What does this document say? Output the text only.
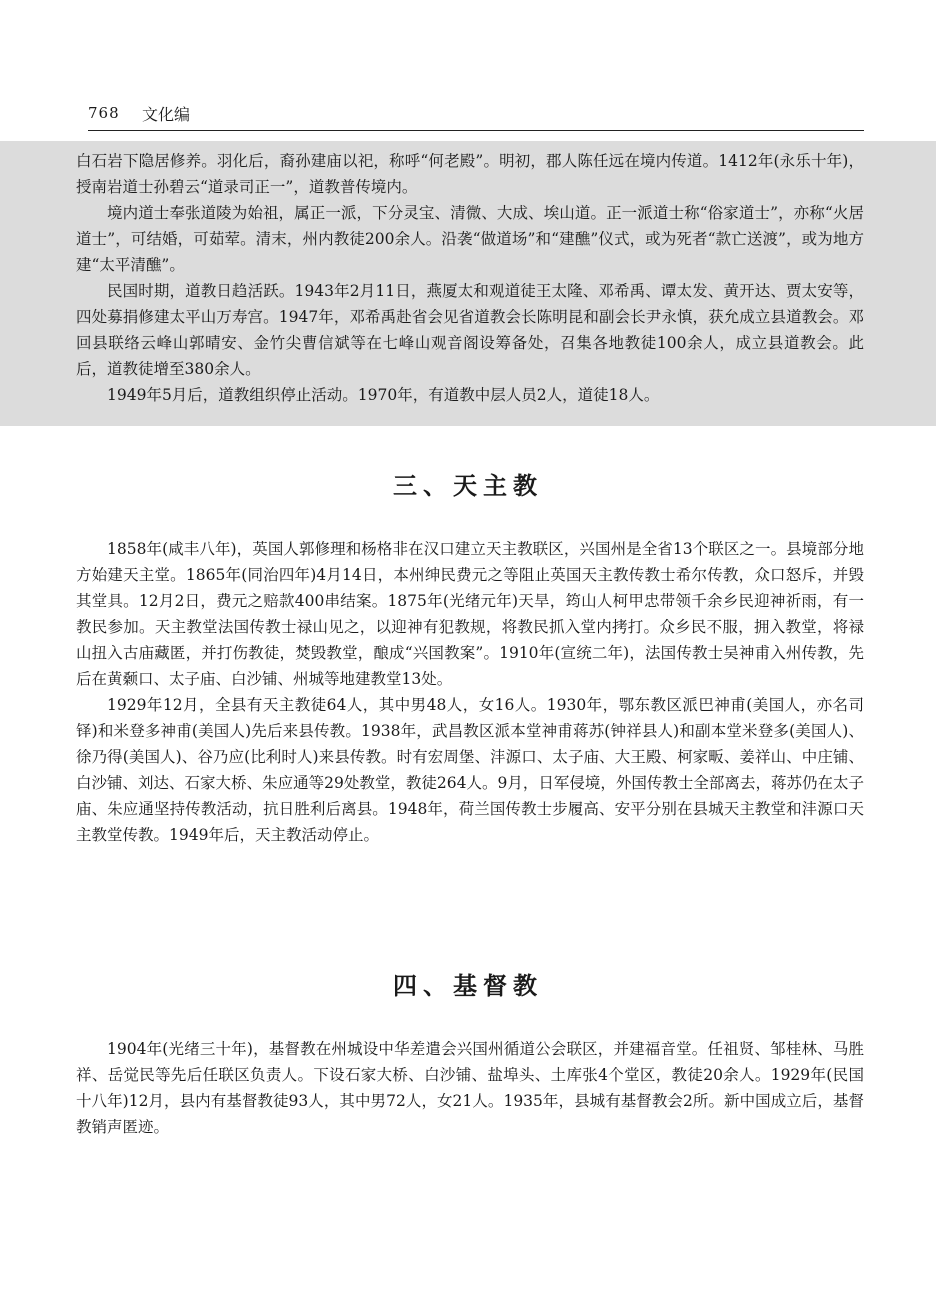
768 文化编

白石岩下隐居修养。羽化后，裔孙建庙以祀，称呼“何老殿”。明初，郡人陈任远在境内传道。1412年(永乐十年)，授南岩道士孙碧云“道录司正一”，道教普传境内。

境内道士奉张道陵为始祖，属正一派，下分灵宝、清微、大成、埃山道。正一派道士称“俗家道士”，亦称“火居道士”，可结婚，可茹荤。清末，州内教徒200余人。沿袭“做道场”和“建醮”仪式，或为死者“款亡送渡”，或为地方建“太平清醮”。

民国时期，道教日趋活跃。1943年2月11日，燕厦太和观道徒王太隆、邓希禹、谭太发、黄开达、贾太安等，四处募捐修建太平山万寿宫。1947年，邓希禹赴省会见省道教会长陈明昆和副会长尹永慎，获允成立县道教会。邓回县联络云峰山郭晴安、金竹尖曹信斌等在七峰山观音阁设筹备处，召集各地教徒100余人，成立县道教会。此后，道教徒增至380余人。

1949年5月后，道教组织停止活动。1970年，有道教中层人员2人，道徒18人。

三、天主教

1858年(咸丰八年)，英国人郭修理和杨格非在汉口建立天主教联区，兴国州是全省13个联区之一。县境部分地方始建天主堂。1865年(同治四年)4月14日，本州绅民费元之等阻止英国天主教传教士希尔传教，众口怒斥，并毁其堂具。12月2日，费元之赔款400串结案。1875年(光绪元年)天旱，筠山人柯甲忠带领千余乡民迎神祈雨，有一教民参加。天主教堂法国传教士禄山见之，以迎神有犯教规，将教民抓入堂内拷打。众乡民不服，拥入教堂，将禄山扭入古庙藏匿，并打伤教徒，焚毁教堂，酿成“兴国教案”。1910年(宣统二年)，法国传教士吴神甫入州传教，先后在黄颡口、太子庙、白沙铺、州城等地建教堂13处。

1929年12月，全县有天主教徒64人，其中男48人，女16人。1930年，鄂东教区派巴神甫(美国人，亦名司铎)和米登多神甫(美国人)先后来县传教。1938年，武昌教区派本堂神甫蒋苏(钟祥县人)和副本堂米登多(美国人)、徐乃得(美国人)、谷乃应(比利时人)来县传教。时有宏周堡、沣源口、太子庙、大王殿、柯家畈、姜祥山、中庄铺、白沙铺、刘达、石家大桥、朱应通等29处教堂，教徒264人。9月，日军侵境，外国传教士全部离去，蒋苏仍在太子庙、朱应通坚持传教活动，抗日胜利后离县。1948年，荷兰国传教士步履高、安平分别在县城天主教堂和沣源口天主教堂传教。1949年后，天主教活动停止。

四、基督教

1904年(光绪三十年)，基督教在州城设中华差遣会兴国州循道公会联区，并建福音堂。任祖贤、邹桂林、马胜祥、岳觉民等先后任联区负责人。下设石家大桥、白沙铺、盐埠头、土库张4个堂区，教徒20余人。1929年(民国十八年)12月，县内有基督教徒93人，其中男72人，女21人。1935年，县城有基督教会2所。新中国成立后，基督教销声匿迹。
